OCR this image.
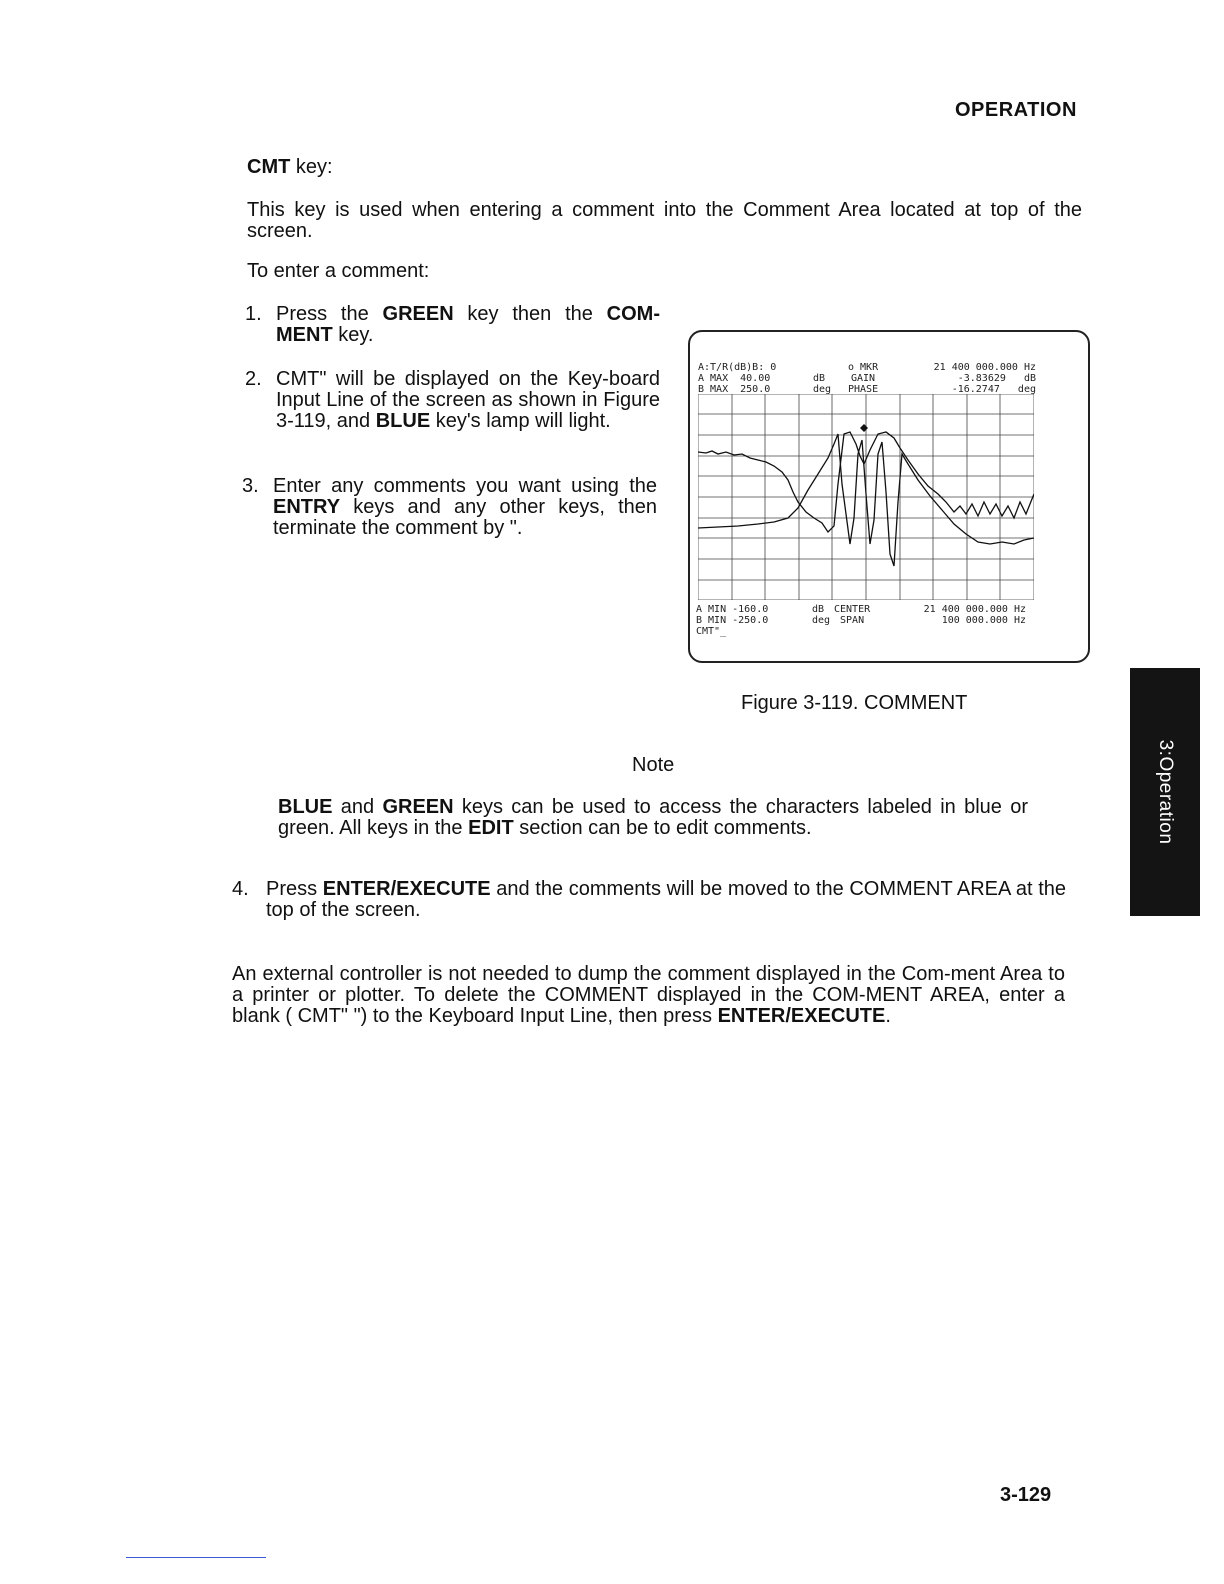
OPERATION
CMT key:

This key is used when entering a comment into the Comment Area located at top of the screen.

To enter a comment:

1. Press the GREEN key then the COM-MENT key.
2. CMT" will be displayed on the Key-board Input Line of the screen as shown in Figure 3-119, and BLUE key's lamp will light.
3. Enter any comments you want using the ENTRY keys and any other keys, then terminate the comment by ".
A:T/R(dB)B: 0
A MAX  40.00
B MAX  250.0

dB
deg
o MKR
GAIN
PHASE
21 400 000.000 Hz
-3.83629   dB
-16.2747   deg
A MIN -160.0
B MIN -250.0
CMT"_
dB
deg
CENTER
SPAN
21 400 000.000 Hz
100 000.000 Hz
Figure 3-119. COMMENT
Note

BLUE and GREEN keys can be used to access the characters labeled in blue or green. All keys in the EDIT section can be to edit comments.

4. Press ENTER/EXECUTE and the comments will be moved to the COMMENT AREA at the top of the screen.

An external controller is not needed to dump the comment displayed in the Com-ment Area to a printer or plotter. To delete the COMMENT displayed in the COM-MENT AREA, enter a blank ( CMT" ") to the Keyboard Input Line, then press ENTER/EXECUTE.

3:Operation
3-129
